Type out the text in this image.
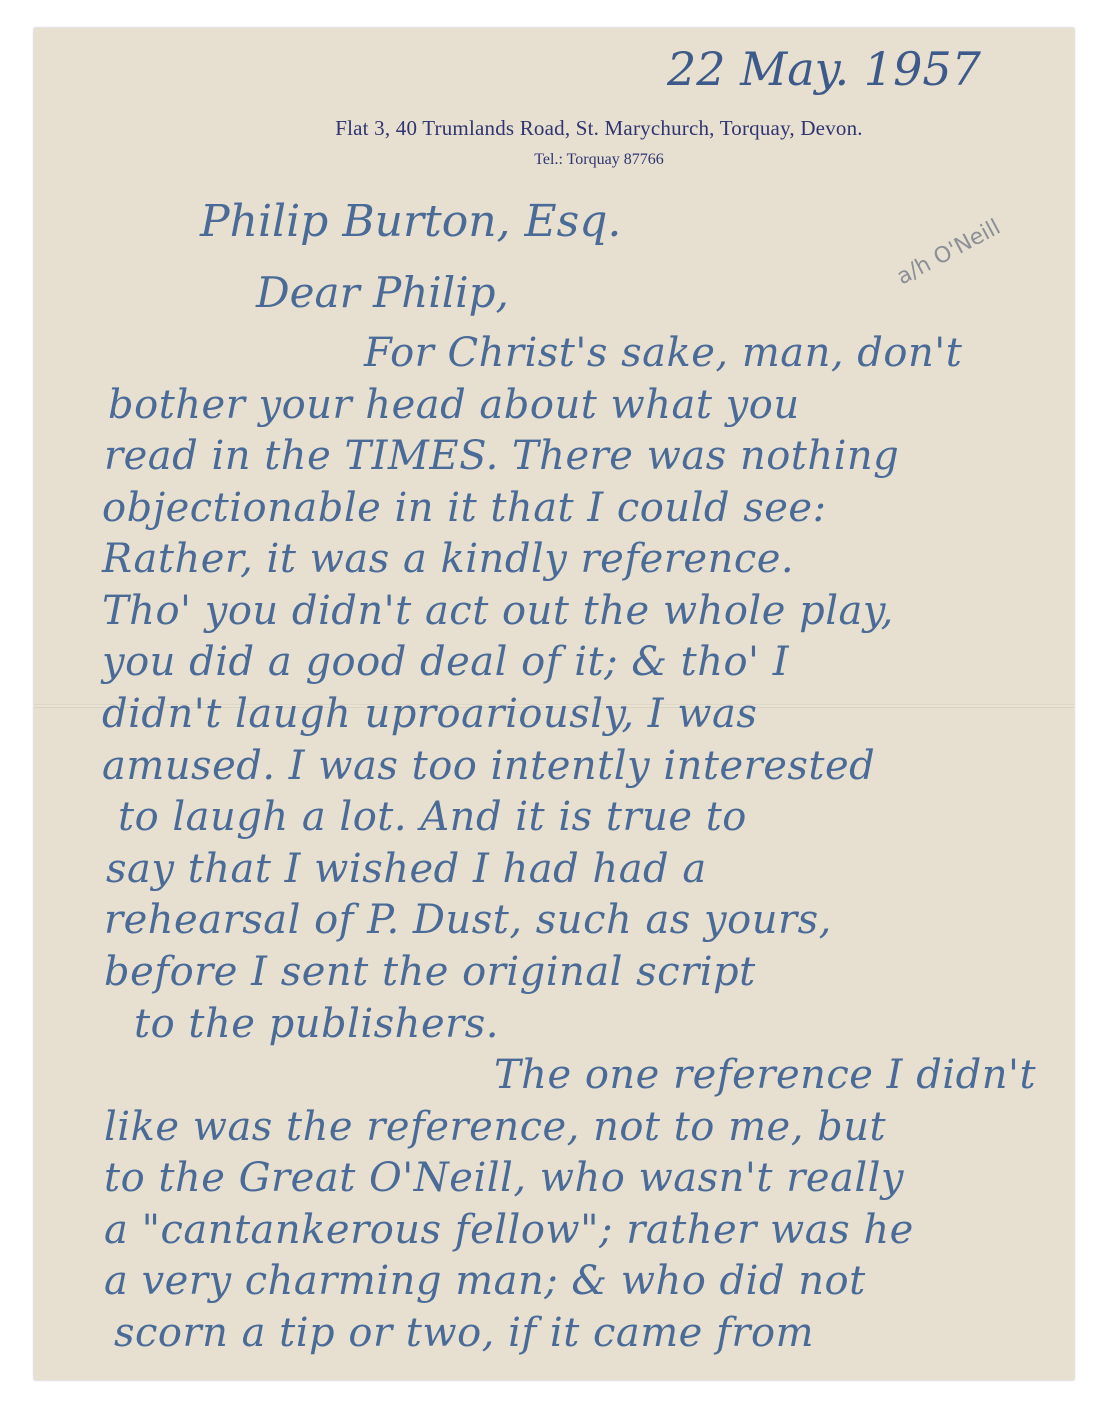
22 May. 1957
Flat 3, 40 Trumlands Road, St. Marychurch, Torquay, Devon.
Tel.: Torquay 87766
a/h O'Neill
Philip Burton, Esq.
Dear Philip,
For Christ's sake, man, don't
bother your head about what you
read in the TIMES. There was nothing
objectionable in it that I could see:
Rather, it was a kindly reference.
Tho' you didn't act out the whole play,
you did a good deal of it; & tho' I
didn't laugh uproariously, I was
amused. I was too intently interested
to laugh a lot. And it is true to
say that I wished I had had a
rehearsal of P. Dust, such as yours,
before I sent the original script
to the publishers.
The one reference I didn't
like was the reference, not to me, but
to the Great O'Neill, who wasn't really
a "cantankerous fellow"; rather was he
a very charming man; & who did not
scorn a tip or two, if it came from
